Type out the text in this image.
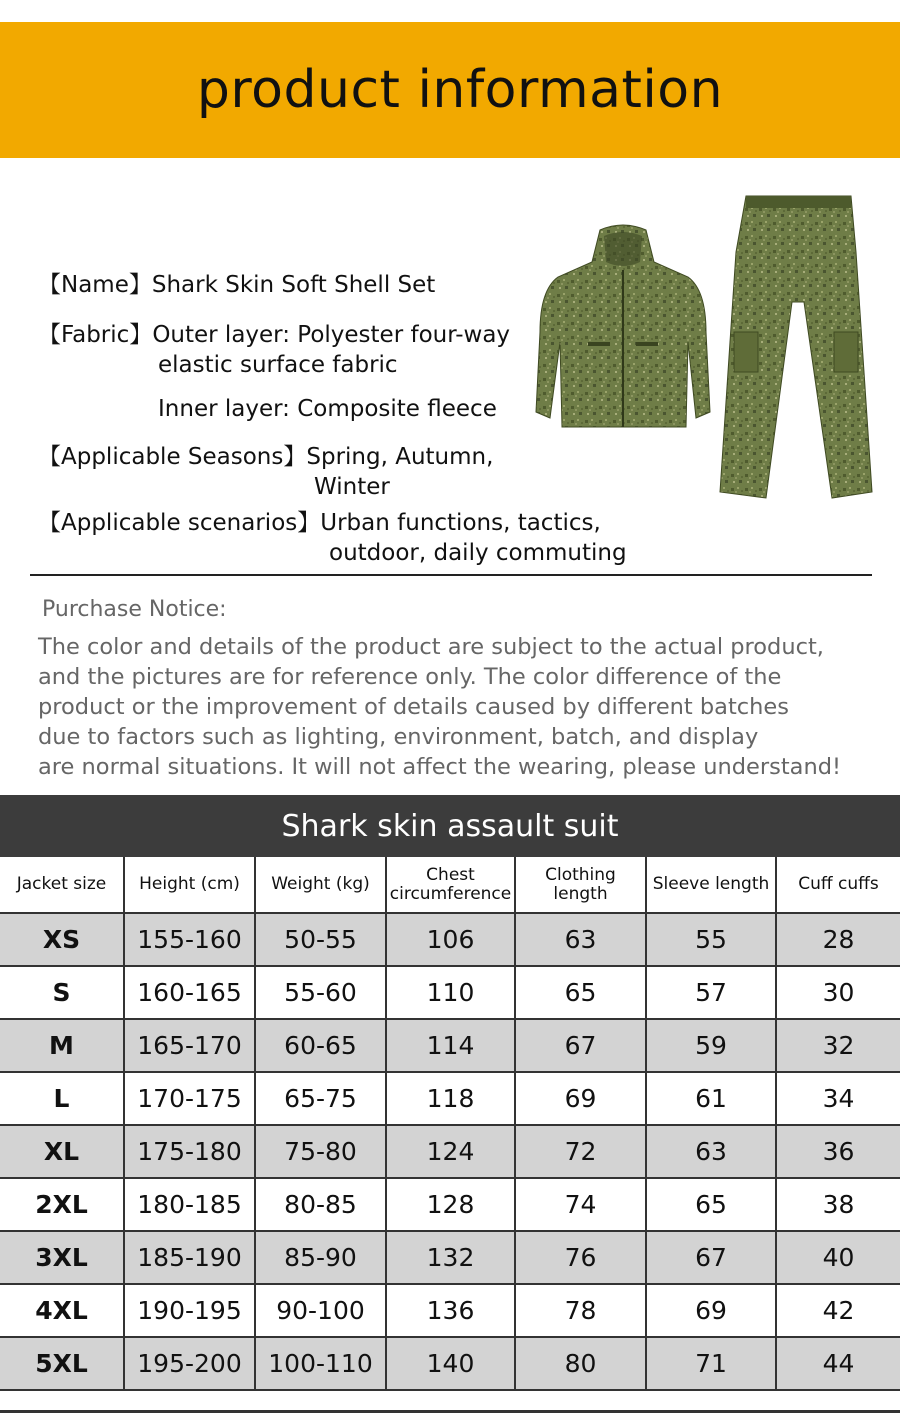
product information
【Name】Shark Skin Soft Shell Set
【Fabric】Outer layer: Polyester four-way
elastic surface fabric
Inner layer: Composite fleece
【Applicable Seasons】Spring, Autumn,
Winter
【Applicable scenarios】Urban functions, tactics,
outdoor, daily commuting
Purchase Notice:
The color and details of the product are subject to the actual product,
and the pictures are for reference only. The color difference of the
product or the improvement of details caused by different batches
due to factors such as lighting, environment, batch, and display
are normal situations. It will not affect the wearing, please understand!
Shark skin assault suit
Jacket size	Height (cm)	Weight (kg)	Chest circumference	Clothing length	Sleeve length	Cuff cuffs
XS	155-160	50-55	106	63	55	28
S	160-165	55-60	110	65	57	30
M	165-170	60-65	114	67	59	32
L	170-175	65-75	118	69	61	34
XL	175-180	75-80	124	72	63	36
2XL	180-185	80-85	128	74	65	38
3XL	185-190	85-90	132	76	67	40
4XL	190-195	90-100	136	78	69	42
5XL	195-200	100-110	140	80	71	44
